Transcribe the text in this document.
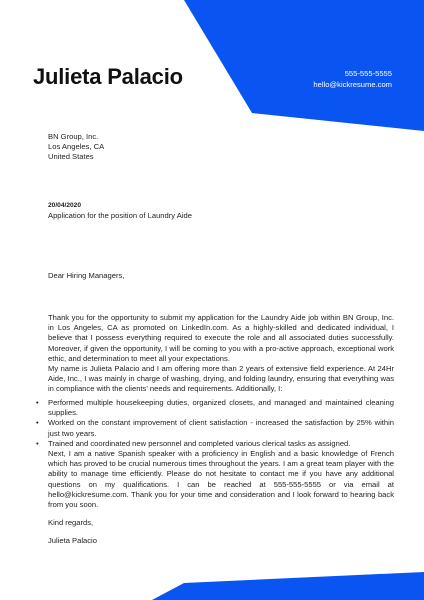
Julieta Palacio	555-555-5555
hello@kickresume.com
BN Group, Inc.
Los Angeles, CA
United States
20/04/2020
Application for the position of Laundry Aide
Dear Hiring Managers,

Thank you for the opportunity to submit my application for the Laundry Aide job within BN Group, Inc. in Los Angeles, CA as promoted on LinkedIn.com. As a highly-skilled and dedicated individual, I believe that I possess everything required to execute the role and all associated duties successfully. Moreover, if given the opportunity, I will be coming to you with a pro-active approach, exceptional work ethic, and determination to meet all your expectations.

My name is Julieta Palacio and I am offering more than 2 years of extensive field experience. At 24Hr Aide, Inc., I was mainly in charge of washing, drying, and folding laundry, ensuring that everything was in compliance with the clients' needs and requirements. Additionally, I:

• Performed multiple housekeeping duties, organized closets, and managed and maintained cleaning supplies.
• Worked on the constant improvement of client satisfaction - increased the satisfaction by 25% within just two years.
• Trained and coordinated new personnel and completed various clerical tasks as assigned.

Next, I am a native Spanish speaker with a proficiency in English and a basic knowledge of French which has proved to be crucial numerous times throughout the years. I am a great team player with the ability to manage time efficiently. Please do not hesitate to contact me if you have any additional questions on my qualifications. I can be reached at 555-555-5555 or via email at hello@kickresume.com. Thank you for your time and consideration and I look forward to hearing back from you soon.

Kind regards,
Julieta Palacio
